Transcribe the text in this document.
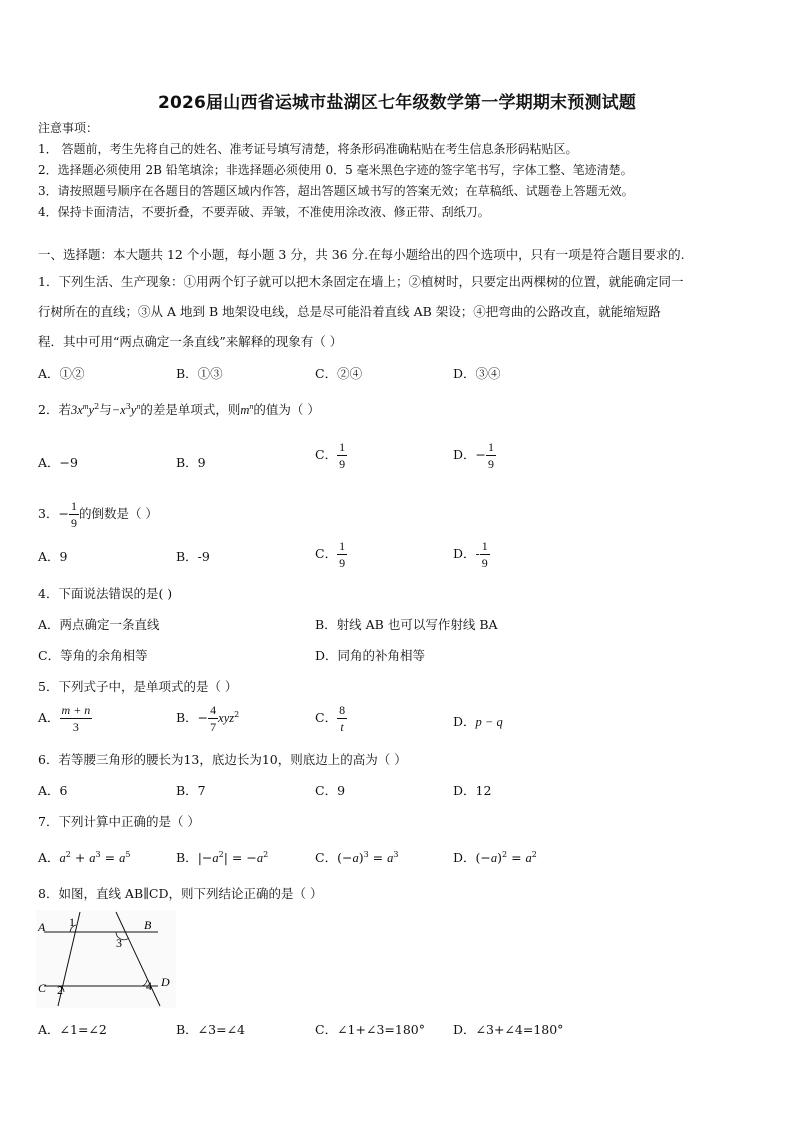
2026届山西省运城市盐湖区七年级数学第一学期期末预测试题
注意事项：
1． 答题前，考生先将自己的姓名、准考证号填写清楚，将条形码准确粘贴在考生信息条形码粘贴区。
2．选择题必须使用 2B 铅笔填涂；非选择题必须使用 0．5 毫米黑色字迹的签字笔书写，字体工整、笔迹清楚。
3．请按照题号顺序在各题目的答题区域内作答，超出答题区域书写的答案无效；在草稿纸、试题卷上答题无效。
4．保持卡面清洁，不要折叠，不要弄破、弄皱，不准使用涂改液、修正带、刮纸刀。
一、选择题：本大题共 12 个小题，每小题 3 分，共 36 分.在每小题给出的四个选项中，只有一项是符合题目要求的.
1．下列生活、生产现象：①用两个钉子就可以把木条固定在墙上；②植树时，只要定出两棵树的位置，就能确定同一
行树所在的直线；③从 A 地到 B 地架设电线，总是尽可能沿着直线 AB 架设；④把弯曲的公路改直，就能缩短路
程．其中可用“两点确定一条直线”来解释的现象有（ ）
A．①②	B．①③	C．②④	D．③④
2．若$3x^my^2$与$-x^3y^n$的差是单项式，则$m^n$的值为（ ）
A．−9	B．9
C． $\frac{1}{9}$	D．− $\frac{1}{9}$
3．− $\frac{1}{9}$ 的倒数是（ ）
A．9	B．-9	C． $\frac{1}{9}$	D．- $\frac{1}{9}$
4．下面说法错误的是( )
A．两点确定一条直线	B．射线 AB 也可以写作射线 BA
C．等角的余角相等	D．同角的补角相等
5．下列式子中，是单项式的是（ ）
A． $\frac{m + n}{3}$	B．− $\frac{4}{7} xyz^2$	C． $\frac{8}{t}$	D．p − q
6．若等腰三角形的腰长为13，底边长为10，则底边上的高为（ ）
A．6	B．7	C．9	D．12
7．下列计算中正确的是（ ）
A．$a^2 + a^3 = a^5$	B．$|-a^2| = -a^2$	C．$(-a)^3 = a^3$	D．$(-a)^2 = a^2$
8．如图，直线 AB∥CD，则下列结论正确的是（ ）
A	B
C	D
1
2
3
4
A．∠1=∠2	B．∠3=∠4	C．∠1+∠3=180° D．∠3+∠4=180°
